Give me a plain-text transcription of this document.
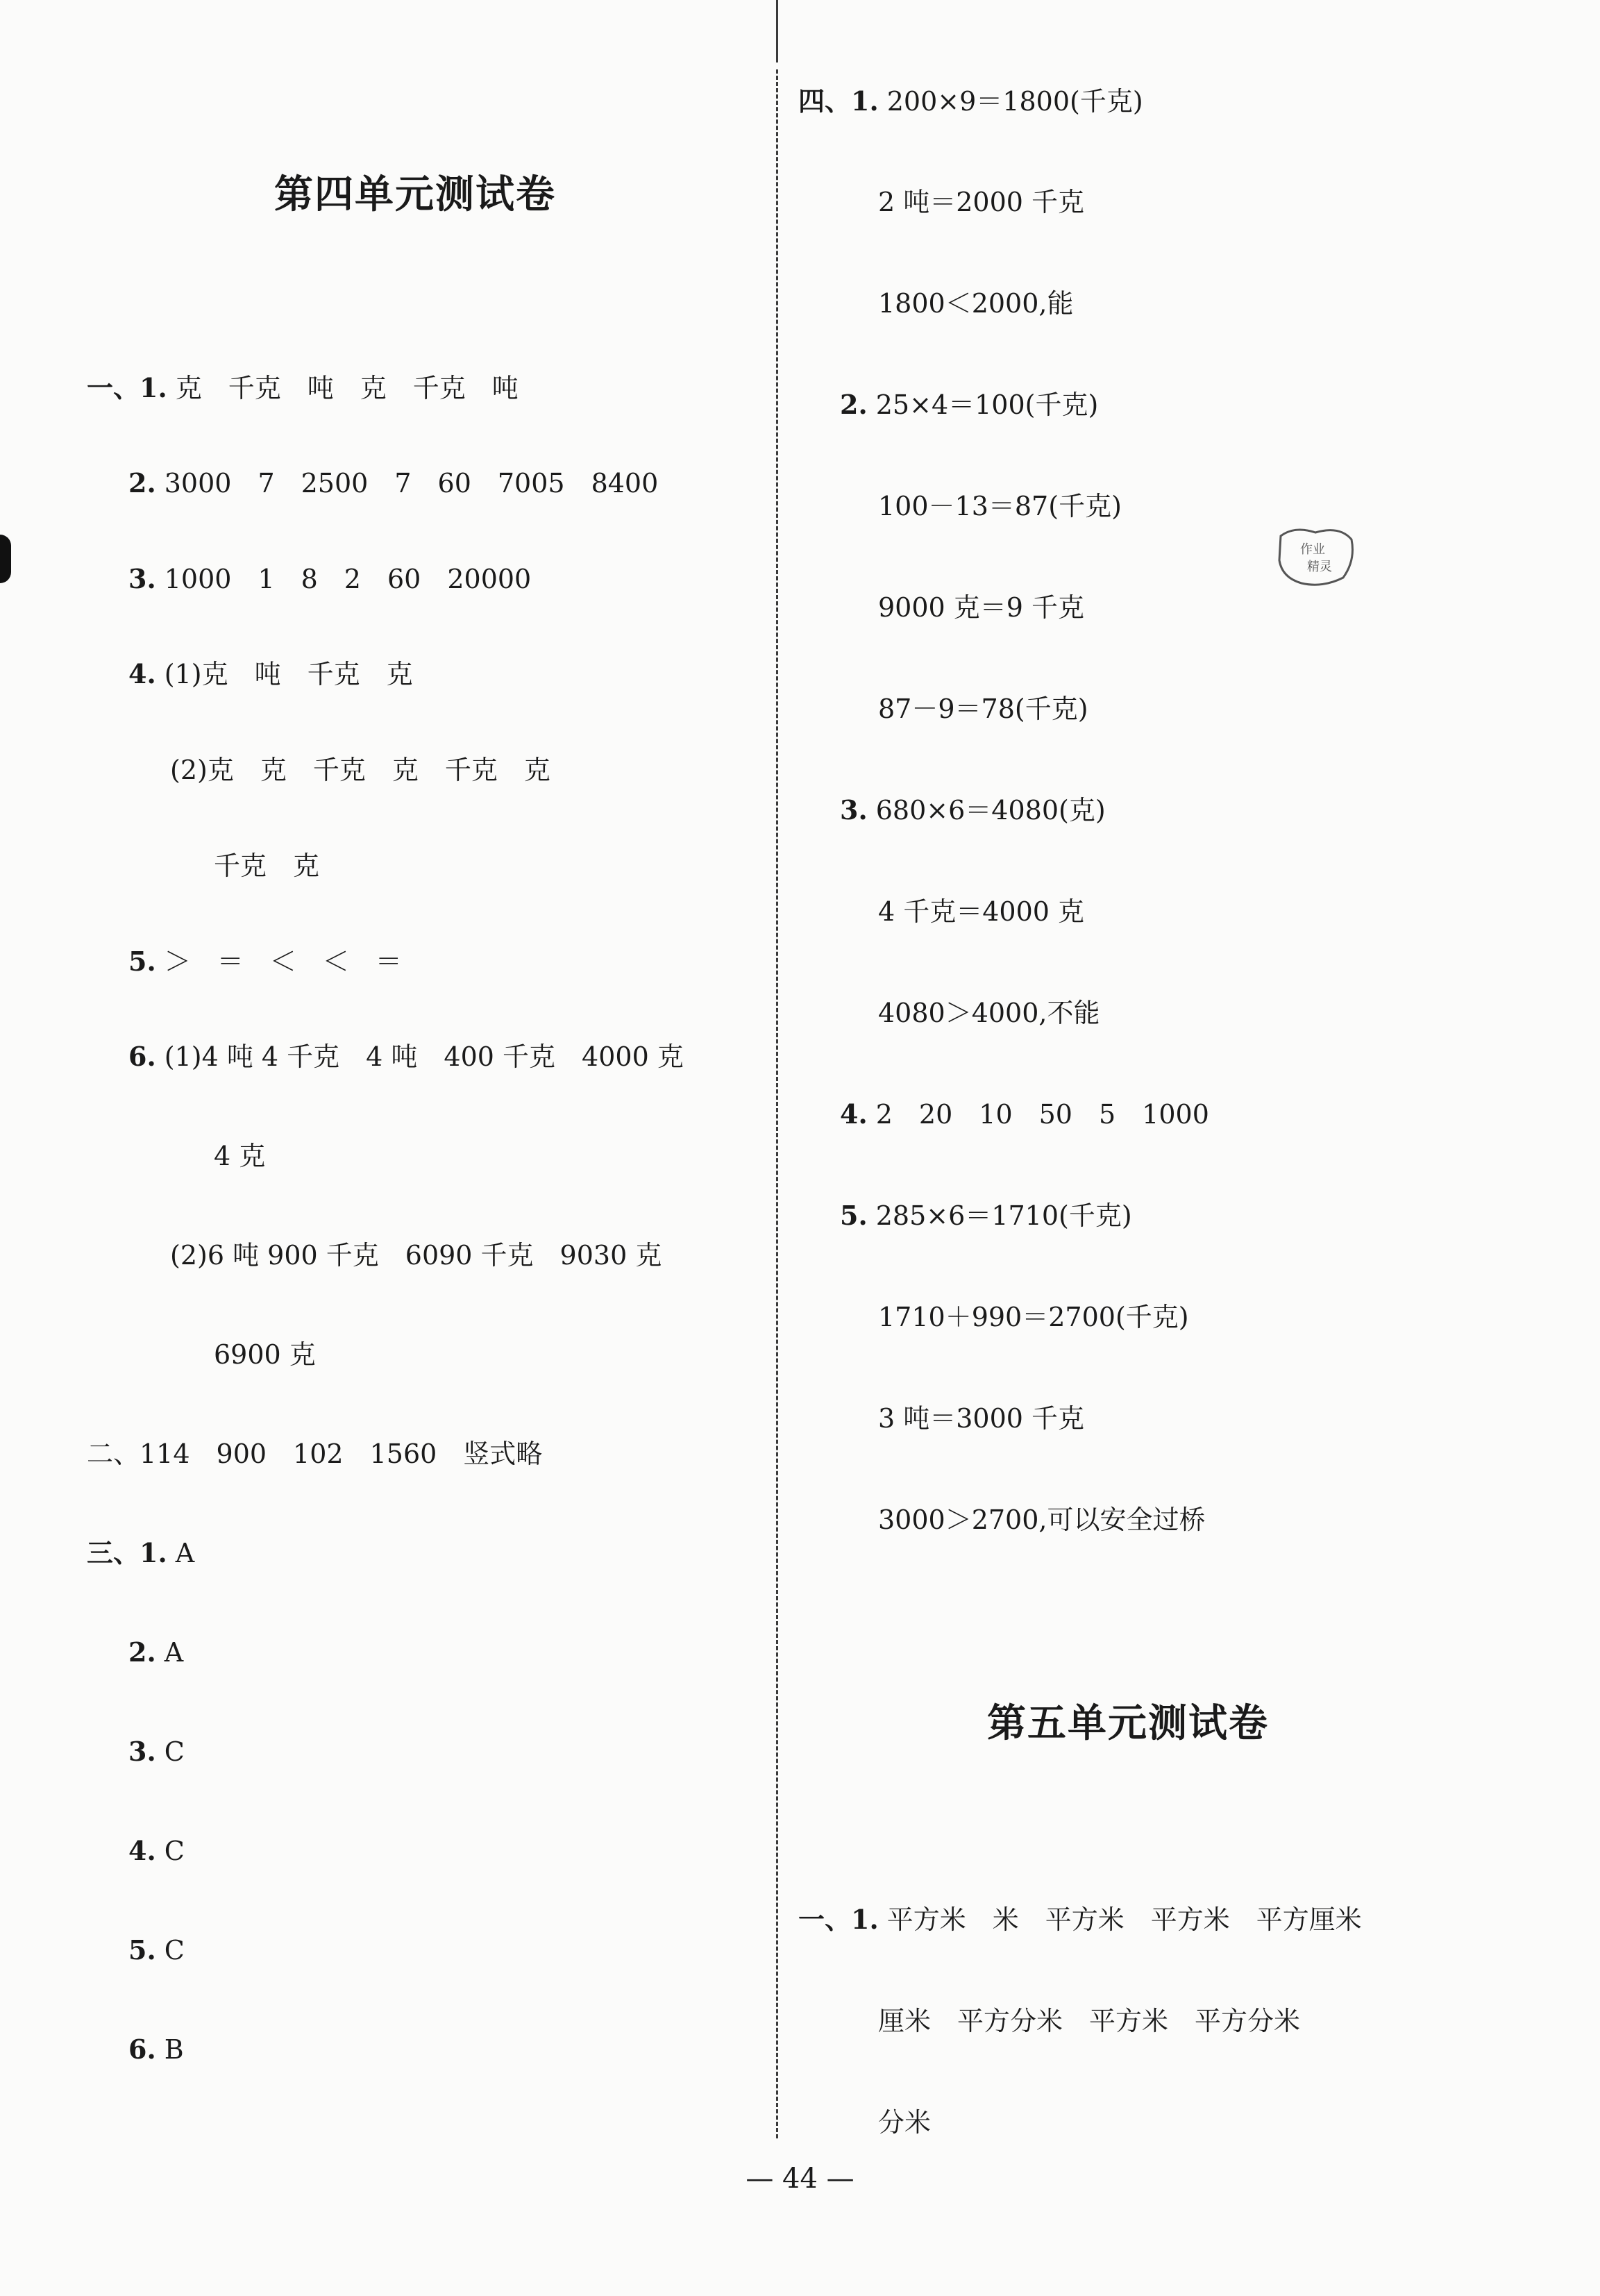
第四单元测试卷
一、1. 克　千克　吨　克　千克　吨
2. 3000　7　2500　7　60　7005　8400
3. 1000　1　8　2　60　20000
4. (1)克　吨　千克　克
(2)克　克　千克　克　千克　克
千克　克
5. ＞　＝　＜　＜　＝
6. (1)4 吨 4 千克　4 吨　400 千克　4000 克
4 克
(2)6 吨 900 千克　6090 千克　9030 克
6900 克
二、114　900　102　1560　竖式略
三、1. A
2. A
3. C
4. C
5. C
6. B
四、1. 200×9＝1800(千克)
2 吨＝2000 千克
1800＜2000,能
2. 25×4＝100(千克)
100－13＝87(千克)
9000 克＝9 千克
87－9＝78(千克)
3. 680×6＝4080(克)
4 千克＝4000 克
4080＞4000,不能
4. 2　20　10　50　5　1000
5. 285×6＝1710(千克)
1710＋990＝2700(千克)
3 吨＝3000 千克
3000＞2700,可以安全过桥
第五单元测试卷
一、1. 平方米　米　平方米　平方米　平方厘米
厘米　平方分米　平方米　平方分米
分米
作业
精灵
— 44 —
